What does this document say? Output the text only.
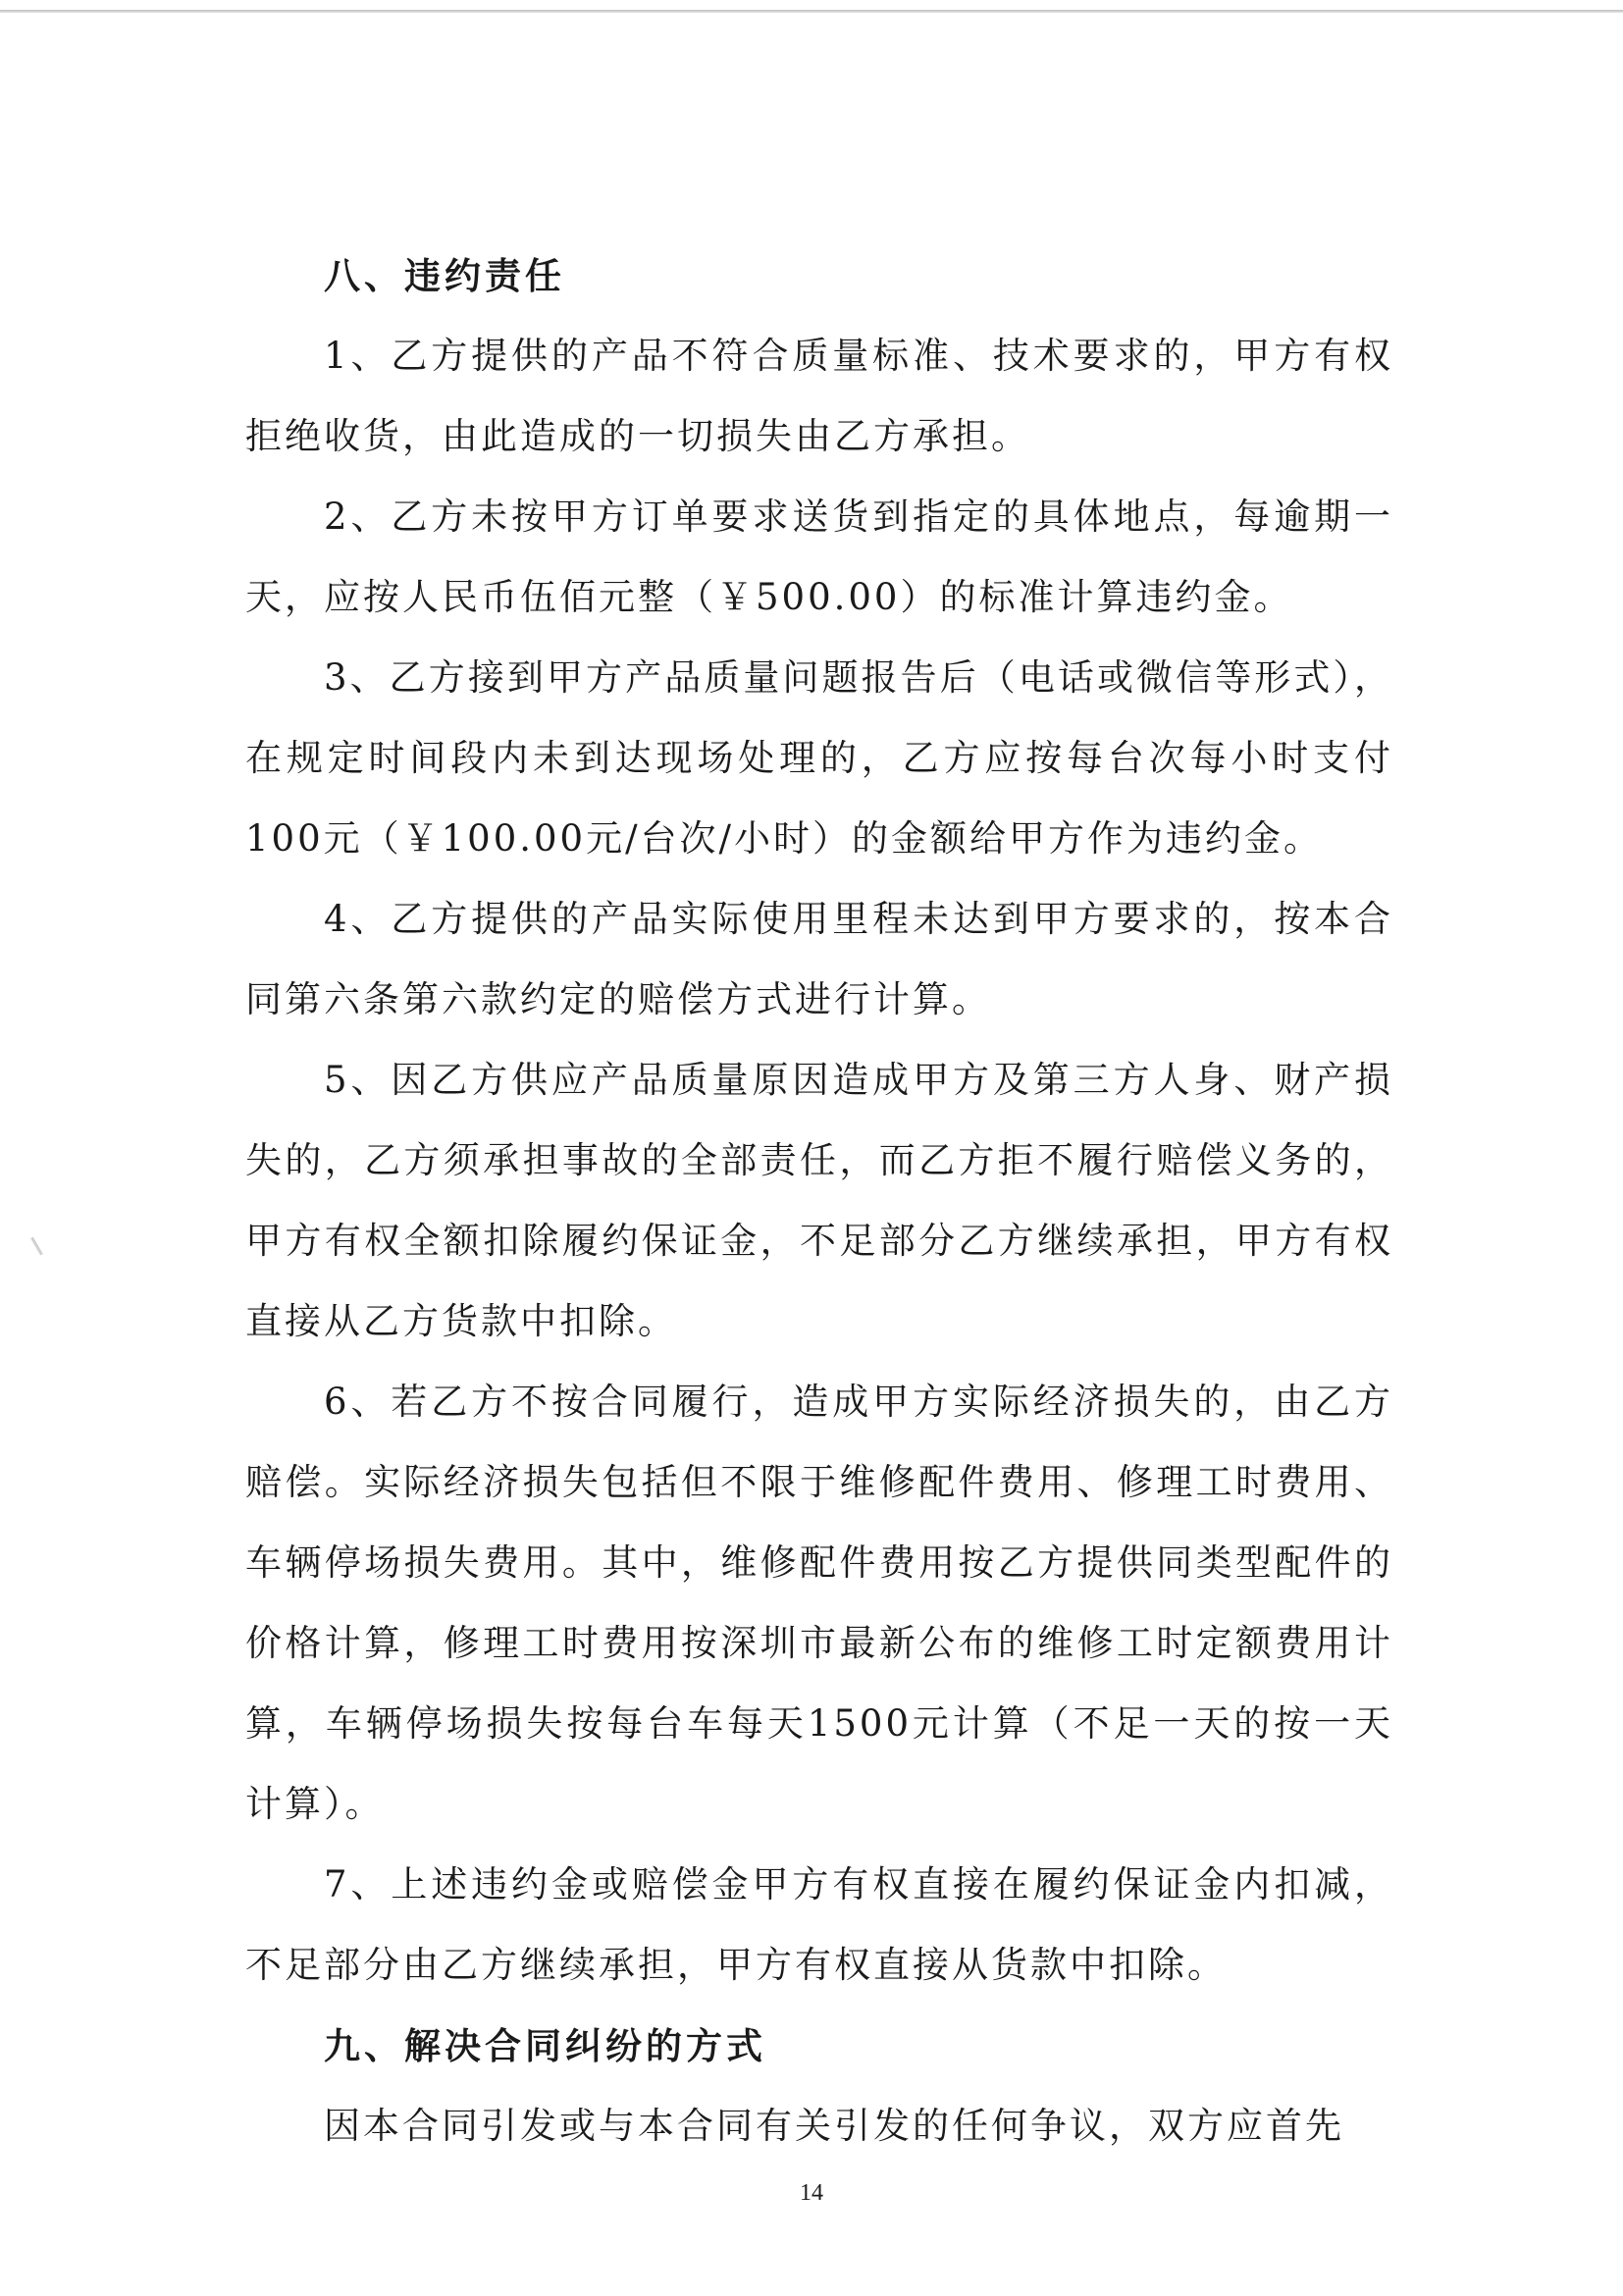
八、违约责任

1、乙方提供的产品不符合质量标准、技术要求的，甲方有权拒绝收货，由此造成的一切损失由乙方承担。

2、乙方未按甲方订单要求送货到指定的具体地点，每逾期一天，应按人民币伍佰元整（￥500.00）的标准计算违约金。

3、乙方接到甲方产品质量问题报告后（电话或微信等形式），在规定时间段内未到达现场处理的，乙方应按每台次每小时支付100元（￥100.00元/台次/小时）的金额给甲方作为违约金。

4、乙方提供的产品实际使用里程未达到甲方要求的，按本合同第六条第六款约定的赔偿方式进行计算。

5、因乙方供应产品质量原因造成甲方及第三方人身、财产损失的，乙方须承担事故的全部责任，而乙方拒不履行赔偿义务的，甲方有权全额扣除履约保证金，不足部分乙方继续承担，甲方有权直接从乙方货款中扣除。

6、若乙方不按合同履行，造成甲方实际经济损失的，由乙方赔偿。实际经济损失包括但不限于维修配件费用、修理工时费用、车辆停场损失费用。其中，维修配件费用按乙方提供同类型配件的价格计算，修理工时费用按深圳市最新公布的维修工时定额费用计算，车辆停场损失按每台车每天1500元计算（不足一天的按一天计算）。

7、上述违约金或赔偿金甲方有权直接在履约保证金内扣减，不足部分由乙方继续承担，甲方有权直接从货款中扣除。

九、解决合同纠纷的方式

因本合同引发或与本合同有关引发的任何争议，双方应首先

14
